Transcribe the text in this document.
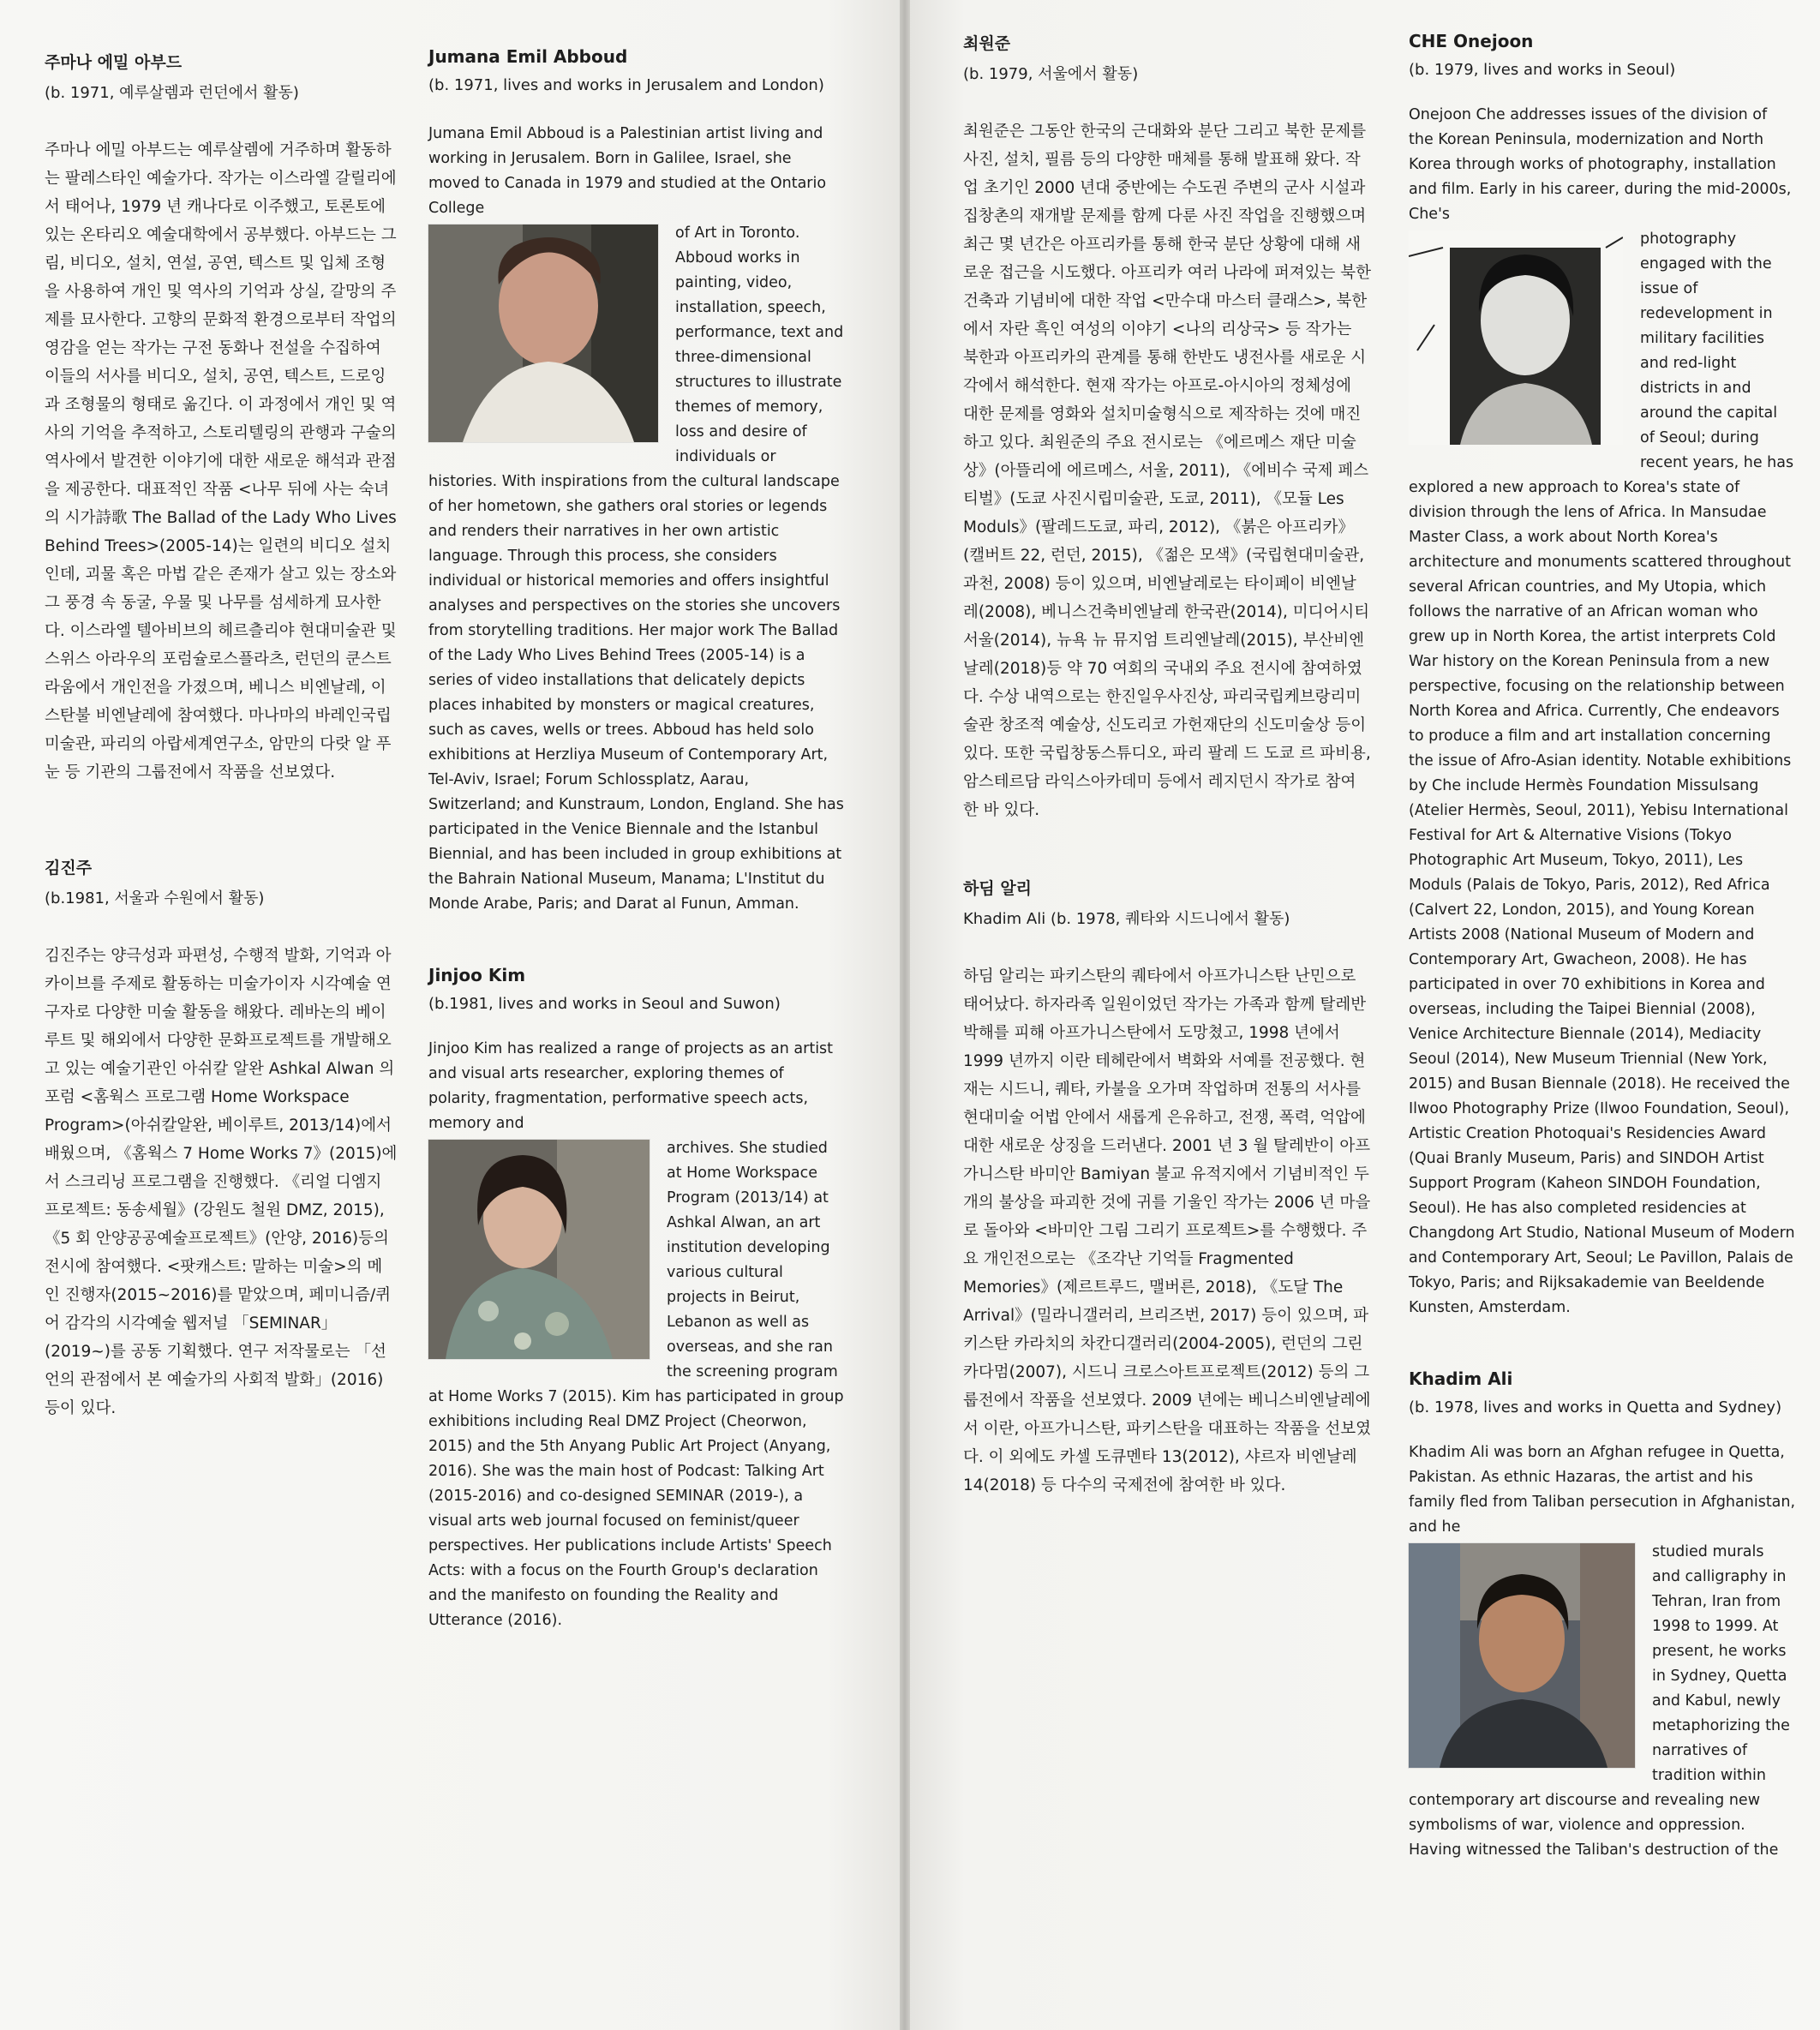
주마나 에밀 아부드
(b. 1971, 예루살렘과 런던에서 활동)

주마나 에밀 아부드는 예루살렘에 거주하며 활동하는 팔레스타인 예술가다. 작가는 이스라엘 갈릴리에서 태어나, 1979 년 캐나다로 이주했고, 토론토에 있는 온타리오 예술대학에서 공부했다. 아부드는 그림, 비디오, 설치, 연설, 공연, 텍스트 및 입체 조형을 사용하여 개인 및 역사의 기억과 상실, 갈망의 주제를 묘사한다. 고향의 문화적 환경으로부터 작업의 영감을 얻는 작가는 구전 동화나 전설을 수집하여 이들의 서사를 비디오, 설치, 공연, 텍스트, 드로잉과 조형물의 형태로 옮긴다. 이 과정에서 개인 및 역사의 기억을 추적하고, 스토리텔링의 관행과 구술의 역사에서 발견한 이야기에 대한 새로운 해석과 관점을 제공한다. 대표적인 작품 <나무 뒤에 사는 숙녀의 시가詩歌 The Ballad of the Lady Who Lives Behind Trees>(2005-14)는 일련의 비디오 설치인데, 괴물 혹은 마법 같은 존재가 살고 있는 장소와 그 풍경 속 동굴, 우물 및 나무를 섬세하게 묘사한다. 이스라엘 텔아비브의 헤르츨리야 현대미술관 및 스위스 아라우의 포럼슐로스플라츠, 런던의 쿤스트라움에서 개인전을 가졌으며, 베니스 비엔날레, 이스탄불 비엔날레에 참여했다. 마나마의 바레인국립미술관, 파리의 아랍세계연구소, 암만의 다랏 알 푸눈 등 기관의 그룹전에서 작품을 선보였다.

김진주
(b.1981, 서울과 수원에서 활동)

김진주는 양극성과 파편성, 수행적 발화, 기억과 아카이브를 주제로 활동하는 미술가이자 시각예술 연구자로 다양한 미술 활동을 해왔다. 레바논의 베이루트 및 해외에서 다양한 문화프로젝트를 개발해오고 있는 예술기관인 아쉬칼 알완 Ashkal Alwan 의 포럼 <홈웍스 프로그램 Home Workspace Program>(아쉬칼알완, 베이루트, 2013/14)에서 배웠으며, 《홈웍스 7 Home Works 7》(2015)에서 스크리닝 프로그램을 진행했다. 《리얼 디엠지 프로젝트: 동송세월》(강원도 철원 DMZ, 2015), 《5 회 안양공공예술프로젝트》(안양, 2016)등의 전시에 참여했다. <팟캐스트: 말하는 미술>의 메인 진행자(2015~2016)를 맡았으며, 페미니즘/퀴어 감각의 시각예술 웹저널 「SEMINAR」(2019~)를 공동 기획했다. 연구 저작물로는 「선언의 관점에서 본 예술가의 사회적 발화」(2016) 등이 있다.

Jumana Emil Abboud
(b. 1971, lives and works in Jerusalem and London)

Jumana Emil Abboud is a Palestinian artist living and working in Jerusalem. Born in Galilee, Israel, she moved to Canada in 1979 and studied at the Ontario College

of Art in Toronto. Abboud works in painting, video, installation, speech, performance, text and three-dimensional structures to illustrate themes of memory, loss and desire of individuals or histories. With inspirations from the cultural landscape of her hometown, she gathers oral stories or legends and renders their narratives in her own artistic language. Through this process, she considers individual or historical memories and offers insightful analyses and perspectives on the stories she uncovers from storytelling traditions. Her major work The Ballad of the Lady Who Lives Behind Trees (2005-14) is a series of video installations that delicately depicts places inhabited by monsters or magical creatures, such as caves, wells or trees. Abboud has held solo exhibitions at Herzliya Museum of Contemporary Art, Tel-Aviv, Israel; Forum Schlossplatz, Aarau, Switzerland; and Kunstraum, London, England. She has participated in the Venice Biennale and the Istanbul Biennial, and has been included in group exhibitions at the Bahrain National Museum, Manama; L'Institut du Monde Arabe, Paris; and Darat al Funun, Amman.

Jinjoo Kim
(b.1981, lives and works in Seoul and Suwon)

Jinjoo Kim has realized a range of projects as an artist and visual arts researcher, exploring themes of polarity, fragmentation, performative speech acts, memory and

archives. She studied at Home Workspace Program (2013/14) at Ashkal Alwan, an art institution developing various cultural projects in Beirut, Lebanon as well as overseas, and she ran the screening program at Home Works 7 (2015). Kim has participated in group exhibitions including Real DMZ Project (Cheorwon, 2015) and the 5th Anyang Public Art Project (Anyang, 2016). She was the main host of Podcast: Talking Art (2015-2016) and co-designed SEMINAR (2019-), a visual arts web journal focused on feminist/queer perspectives. Her publications include Artists' Speech Acts: with a focus on the Fourth Group's declaration and the manifesto on founding the Reality and Utterance (2016).

최원준
(b. 1979, 서울에서 활동)

최원준은 그동안 한국의 근대화와 분단 그리고 북한 문제를 사진, 설치, 필름 등의 다양한 매체를 통해 발표해 왔다. 작업 초기인 2000 년대 중반에는 수도권 주변의 군사 시설과 집창촌의 재개발 문제를 함께 다룬 사진 작업을 진행했으며 최근 몇 년간은 아프리카를 통해 한국 분단 상황에 대해 새로운 접근을 시도했다. 아프리카 여러 나라에 퍼져있는 북한 건축과 기념비에 대한 작업 <만수대 마스터 클래스>, 북한에서 자란 흑인 여성의 이야기 <나의 리상국> 등 작가는 북한과 아프리카의 관계를 통해 한반도 냉전사를 새로운 시각에서 해석한다. 현재 작가는 아프로-아시아의 정체성에 대한 문제를 영화와 설치미술형식으로 제작하는 것에 매진하고 있다. 최원준의 주요 전시로는 《에르메스 재단 미술상》(아뜰리에 에르메스, 서울, 2011), 《에비수 국제 페스티벌》(도쿄 사진시립미술관, 도쿄, 2011), 《모듈 Les Moduls》(팔레드도쿄, 파리, 2012), 《붉은 아프리카》(캘버트 22, 런던, 2015), 《젊은 모색》(국립현대미술관, 과천, 2008) 등이 있으며, 비엔날레로는 타이페이 비엔날레(2008), 베니스건축비엔날레 한국관(2014), 미디어시티서울(2014), 뉴욕 뉴 뮤지엄 트리엔날레(2015), 부산비엔날레(2018)등 약 70 여회의 국내외 주요 전시에 참여하였다. 수상 내역으로는 한진일우사진상, 파리국립케브랑리미술관 창조적 예술상, 신도리코 가헌재단의 신도미술상 등이 있다. 또한 국립창동스튜디오, 파리 팔레 드 도쿄 르 파비용, 암스테르담 라익스아카데미 등에서 레지던시 작가로 참여한 바 있다.

하딤 알리
Khadim Ali (b. 1978, 퀘타와 시드니에서 활동)

하딤 알리는 파키스탄의 퀘타에서 아프가니스탄 난민으로 태어났다. 하자라족 일원이었던 작가는 가족과 함께 탈레반 박해를 피해 아프가니스탄에서 도망쳤고, 1998 년에서 1999 년까지 이란 테헤란에서 벽화와 서예를 전공했다. 현재는 시드니, 퀘타, 카불을 오가며 작업하며 전통의 서사를 현대미술 어법 안에서 새롭게 은유하고, 전쟁, 폭력, 억압에 대한 새로운 상징을 드러낸다. 2001 년 3 월 탈레반이 아프가니스탄 바미안 Bamiyan 불교 유적지에서 기념비적인 두 개의 불상을 파괴한 것에 귀를 기울인 작가는 2006 년 마을로 돌아와 <바미안 그림 그리기 프로젝트>를 수행했다. 주요 개인전으로는 《조각난 기억들 Fragmented Memories》(제르트루드, 맬버른, 2018), 《도달 The Arrival》(밀라니갤러리, 브리즈번, 2017) 등이 있으며, 파키스탄 카라치의 차칸디갤러리(2004-2005), 런던의 그린카다멈(2007), 시드니 크로스아트프로젝트(2012) 등의 그룹전에서 작품을 선보였다. 2009 년에는 베니스비엔날레에서 이란, 아프가니스탄, 파키스탄을 대표하는 작품을 선보였다. 이 외에도 카셀 도큐멘타 13(2012), 샤르자 비엔날레 14(2018) 등 다수의 국제전에 참여한 바 있다.

CHE Onejoon
(b. 1979, lives and works in Seoul)

Onejoon Che addresses issues of the division of the Korean Peninsula, modernization and North Korea through works of photography, installation and film. Early in his career, during the mid-2000s, Che's

photography engaged with the issue of redevelopment in military facilities and red-light districts in and around the capital of Seoul; during recent years, he has explored a new approach to Korea's state of division through the lens of Africa. In Mansudae Master Class, a work about North Korea's architecture and monuments scattered throughout several African countries, and My Utopia, which follows the narrative of an African woman who grew up in North Korea, the artist interprets Cold War history on the Korean Peninsula from a new perspective, focusing on the relationship between North Korea and Africa. Currently, Che endeavors to produce a film and art installation concerning the issue of Afro-Asian identity. Notable exhibitions by Che include Hermès Foundation Missulsang (Atelier Hermès, Seoul, 2011), Yebisu International Festival for Art & Alternative Visions (Tokyo Photographic Art Museum, Tokyo, 2011), Les Moduls (Palais de Tokyo, Paris, 2012), Red Africa (Calvert 22, London, 2015), and Young Korean Artists 2008 (National Museum of Modern and Contemporary Art, Gwacheon, 2008). He has participated in over 70 exhibitions in Korea and overseas, including the Taipei Biennial (2008), Venice Architecture Biennale (2014), Mediacity Seoul (2014), New Museum Triennial (New York, 2015) and Busan Biennale (2018). He received the Ilwoo Photography Prize (Ilwoo Foundation, Seoul), Artistic Creation Photoquai's Residencies Award (Quai Branly Museum, Paris) and SINDOH Artist Support Program (Kaheon SINDOH Foundation, Seoul). He has also completed residencies at Changdong Art Studio, National Museum of Modern and Contemporary Art, Seoul; Le Pavillon, Palais de Tokyo, Paris; and Rijksakademie van Beeldende Kunsten, Amsterdam.

Khadim Ali
(b. 1978, lives and works in Quetta and Sydney)

Khadim Ali was born an Afghan refugee in Quetta, Pakistan. As ethnic Hazaras, the artist and his family fled from Taliban persecution in Afghanistan, and he

studied murals and calligraphy in Tehran, Iran from 1998 to 1999. At present, he works in Sydney, Quetta and Kabul, newly metaphorizing the narratives of tradition within contemporary art discourse and revealing new symbolisms of war, violence and oppression. Having witnessed the Taliban's destruction of the
